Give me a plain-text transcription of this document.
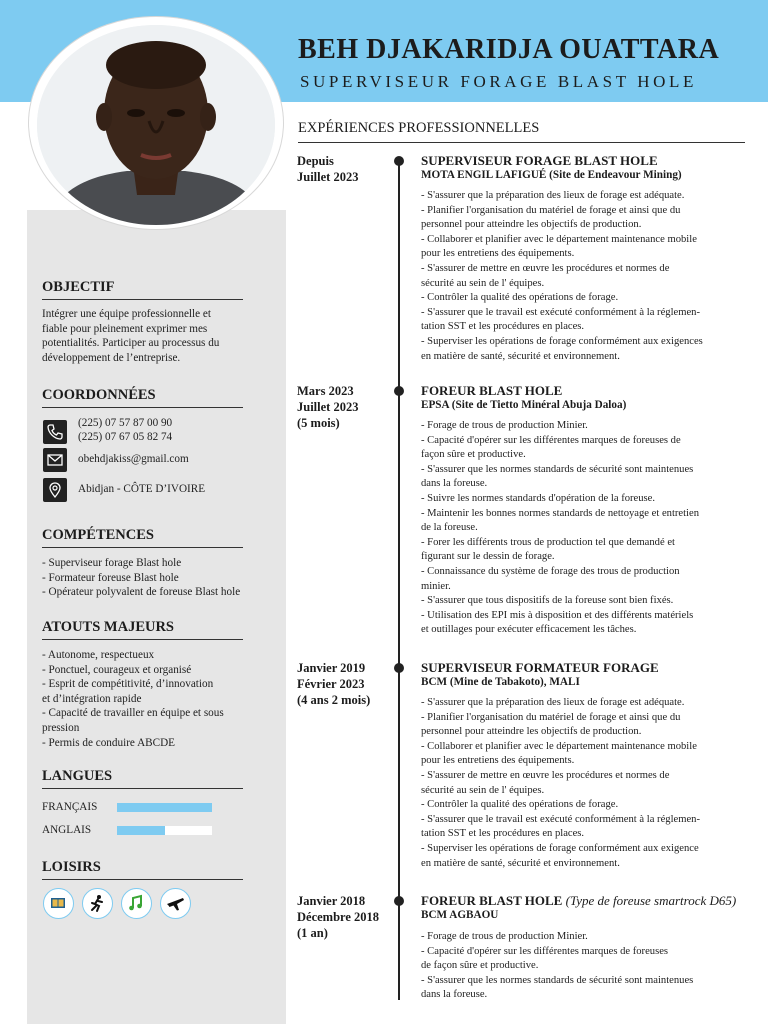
BEH DJAKARIDJA OUATTARA
SUPERVISEUR FORAGE BLAST HOLE
OBJECTIF
Intégrer une équipe professionnelle et
fiable pour pleinement exprimer mes
potentialités. Participer au processus du
développement de l’entreprise.
COORDONNÉES
(225) 07 57 87 00 90
(225) 07 67 05 82 74
obehdjakiss@gmail.com
Abidjan - CÔTE D’IVOIRE
COMPÉTENCES
- Superviseur forage Blast hole
- Formateur foreuse Blast hole
- Opérateur polyvalent de foreuse Blast hole
ATOUTS MAJEURS
- Autonome, respectueux
- Ponctuel, courageux et organisé
- Esprit de compétitivité, d’innovation
et d’intégration rapide
- Capacité de travailler en équipe et sous
pression
- Permis de conduire ABCDE
LANGUES
FRANÇAIS
ANGLAIS
LOISIRS
EXPÉRIENCES PROFESSIONNELLES
Depuis
Juillet 2023
SUPERVISEUR FORAGE BLAST HOLE
MOTA ENGIL LAFIGUÉ (Site de Endeavour Mining)
- S'assurer que la préparation des lieux de forage est adéquate.
- Planifier l'organisation du matériel de forage et ainsi que du
personnel pour atteindre les objectifs de production.
- Collaborer et planifier avec le département maintenance mobile
pour les entretiens des équipements.
- S'assurer de mettre en œuvre les procédures et normes de
sécurité au sein de l' équipes.
- Contrôler la qualité des opérations de forage.
- S'assurer que le travail est exécuté conformément à la réglemen-
tation SST et les procédures en places.
- Superviser les opérations de forage conformément aux exigences
en matière de santé, sécurité et environnement.
Mars 2023
Juillet 2023
(5 mois)
FOREUR BLAST HOLE
EPSA (Site de Tietto Minéral Abuja Daloa)
- Forage de trous de production Minier.
- Capacité d'opérer sur les différentes marques de foreuses de
façon sûre et productive.
- S'assurer que les normes standards de sécurité sont maintenues
dans la foreuse.
- Suivre les normes standards d'opération de la foreuse.
- Maintenir les bonnes normes standards de nettoyage et entretien
de la foreuse.
- Forer les différents trous de production tel que demandé et
figurant sur le dessin de forage.
- Connaissance du système de forage des trous de production
minier.
- S'assurer que tous dispositifs de la foreuse sont bien fixés.
- Utilisation des EPI mis à disposition et des différents matériels
et outillages pour exécuter efficacement les tâches.
Janvier 2019
Février 2023
(4 ans 2 mois)
SUPERVISEUR FORMATEUR FORAGE
BCM (Mine de Tabakoto), MALI
- S'assurer que la préparation des lieux de forage est adéquate.
- Planifier l'organisation du matériel de forage et ainsi que du
personnel pour atteindre les objectifs de production.
- Collaborer et planifier avec le département maintenance mobile
pour les entretiens des équipements.
- S'assurer de mettre en œuvre les procédures et normes de
sécurité au sein de l' équipes.
- Contrôler la qualité des opérations de forage.
- S'assurer que le travail est exécuté conformément à la réglemen-
tation SST et les procédures en places.
- Superviser les opérations de forage conformément aux exigence
en matière de santé, sécurité et environnement.
Janvier 2018
Décembre 2018
(1 an)
FOREUR BLAST HOLE (Type de foreuse smartrock D65)
BCM AGBAOU
- Forage de trous de production Minier.
- Capacité d'opérer sur les différentes marques de foreuses
de façon sûre et productive.
- S'assurer que les normes standards de sécurité sont maintenues
dans la foreuse.
